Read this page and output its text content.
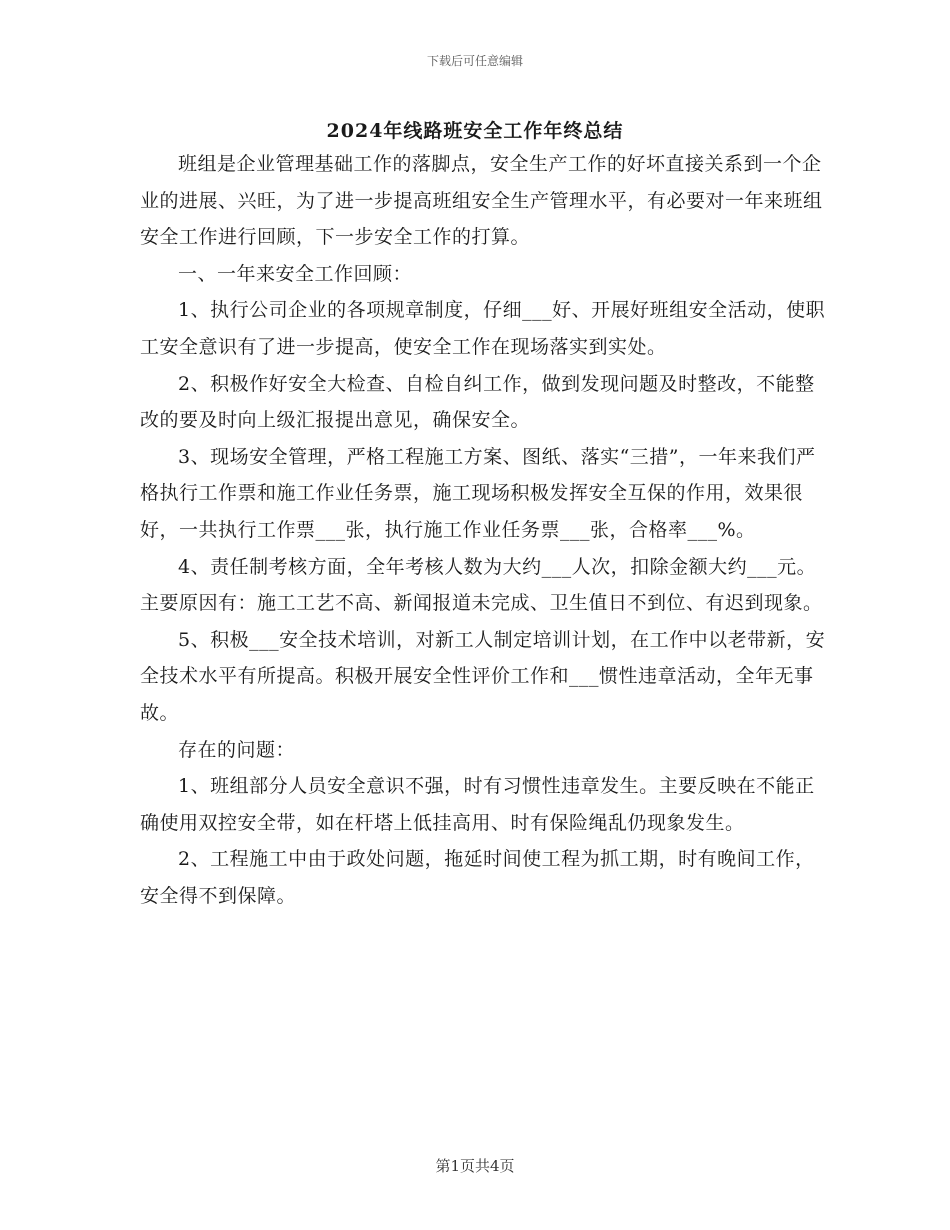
下载后可任意编辑
2024年线路班安全工作年终总结

班组是企业管理基础工作的落脚点，安全生产工作的好坏直接关系到一个企业的进展、兴旺，为了进一步提高班组安全生产管理水平，有必要对一年来班组安全工作进行回顾，下一步安全工作的打算。

一、一年来安全工作回顾：

1、执行公司企业的各项规章制度，仔细___好、开展好班组安全活动，使职工安全意识有了进一步提高，使安全工作在现场落实到实处。

2、积极作好安全大检查、自检自纠工作，做到发现问题及时整改，不能整改的要及时向上级汇报提出意见，确保安全。

3、现场安全管理，严格工程施工方案、图纸、落实“三措”，一年来我们严格执行工作票和施工作业任务票，施工现场积极发挥安全互保的作用，效果很好，一共执行工作票___张，执行施工作业任务票___张，合格率___%。

4、责任制考核方面，全年考核人数为大约___人次，扣除金额大约___元。主要原因有：施工工艺不高、新闻报道未完成、卫生值日不到位、有迟到现象。

5、积极___安全技术培训，对新工人制定培训计划，在工作中以老带新，安全技术水平有所提高。积极开展安全性评价工作和___惯性违章活动，全年无事故。

存在的问题：

1、班组部分人员安全意识不强，时有习惯性违章发生。主要反映在不能正确使用双控安全带，如在杆塔上低挂高用、时有保险绳乱仍现象发生。

2、工程施工中由于政处问题，拖延时间使工程为抓工期，时有晚间工作，安全得不到保障。

第1页共4页
